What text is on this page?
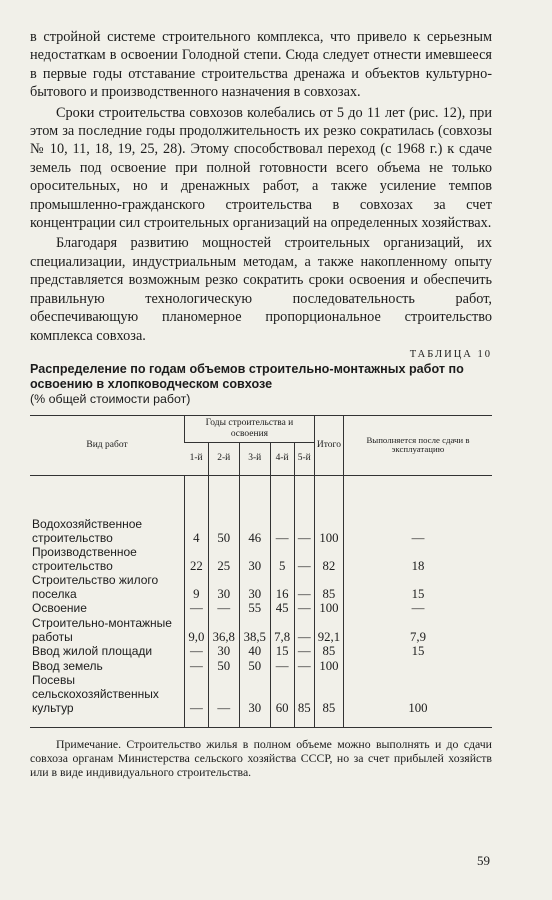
в стройной системе строительного комплекса, что привело к серьезным недостаткам в освоении Голодной степи. Сюда следует отнести имевшееся в первые годы отставание строительства дренажа и объектов культурно-бытового и производственного назначения в совхозах.

Сроки строительства совхозов колебались от 5 до 11 лет (рис. 12), при этом за последние годы продолжительность их резко сократилась (совхозы № 10, 11, 18, 19, 25, 28). Этому способствовал переход (с 1968 г.) к сдаче земель под освоение при полной готовности всего объема не только оросительных, но и дренажных работ, а также усиление темпов промышленно-гражданского строительства в совхозах за счет концентрации сил строительных организаций на определенных хозяйствах.

Благодаря развитию мощностей строительных организаций, их специализации, индустриальным методам, а также накопленному опыту представляется возможным резко сократить сроки освоения и обеспечить правильную технологическую последовательность работ, обеспечивающую планомерное пропорциональное строительство комплекса совхоза.

ТАБЛИЦА 10

Распределение по годам объемов строительно-монтажных работ по освоению в хлопководческом совхозе

(% общей стоимости работ)

Вид работ	Годы строительства и освоения					Итого	Выполняется после сдачи в эксплуатацию
	1-й	2-й	3-й	4-й	5-й		
Водохозяйственное строительство	4	50	46	—	—	100	—
Производственное строительство	22	25	30	5	—	82	18
Строительство жилого поселка	9	30	30	16	—	85	15
Освоение	—	—	55	45	—	100	—
Строительно-монтажные работы	9,0	36,8	38,5	7,8	—	92,1	7,9
Ввод жилой площади	—	30	40	15	—	85	15
Ввод земель	—	50	50	—	—	100	
Посевы сельскохозяйственных культур	—	—	30	60	85	85	100

Примечание. Строительство жилья в полном объеме можно выполнять и до сдачи совхоза органам Министерства сельского хозяйства СССР, но за счет прибылей хозяйств или в виде индивидуального строительства.

59
